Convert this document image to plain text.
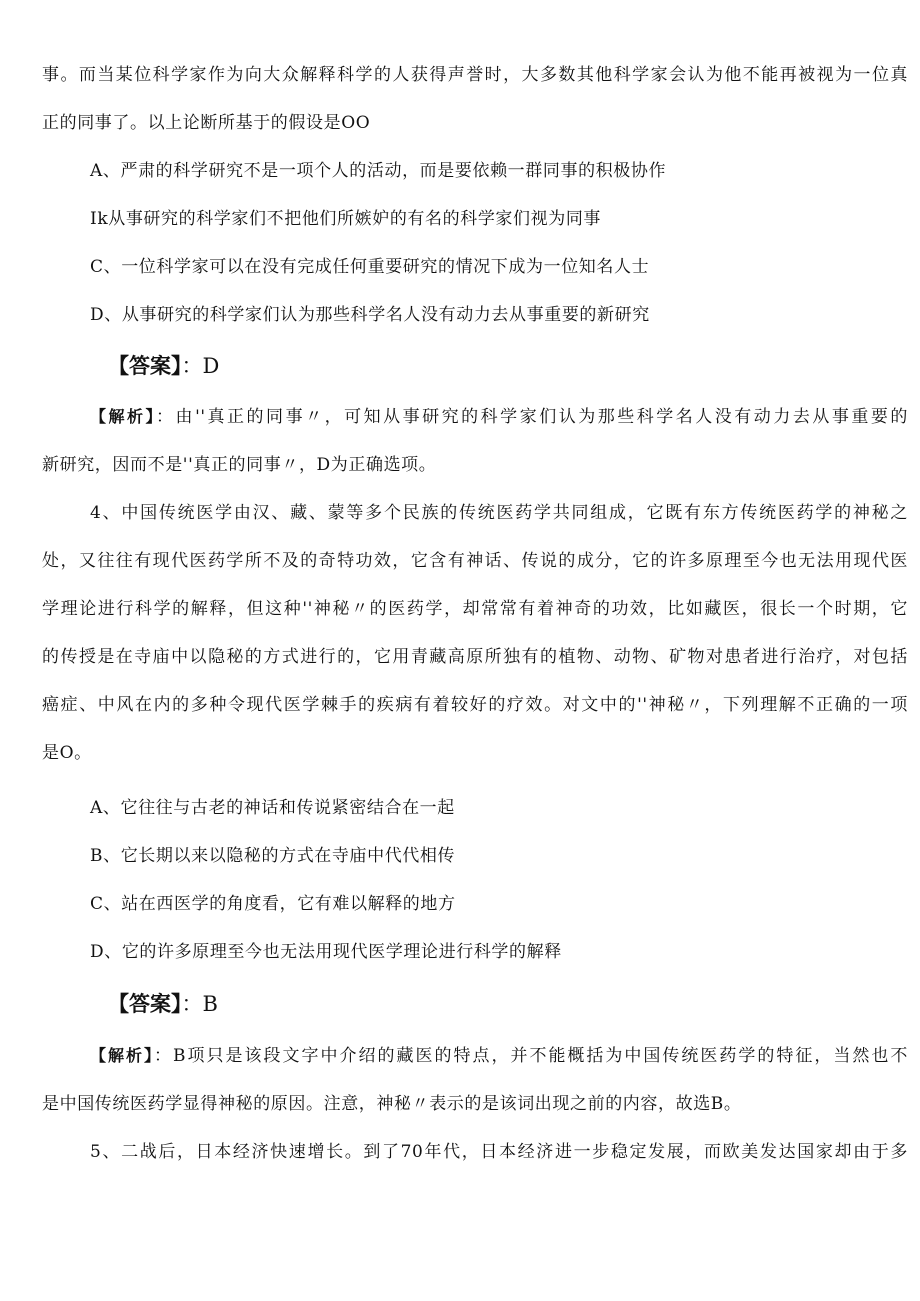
事。而当某位科学家作为向大众解释科学的人获得声誉时，大多数其他科学家会认为他不能再被视为一位真
正的同事了。以上论断所基于的假设是OO
A、严肃的科学研究不是一项个人的活动，而是要依赖一群同事的积极协作
Ik从事研究的科学家们不把他们所嫉妒的有名的科学家们视为同事
C、一位科学家可以在没有完成任何重要研究的情况下成为一位知名人士
D、从事研究的科学家们认为那些科学名人没有动力去从事重要的新研究
【答案】：D
【解析】：由''真正的同事〃，可知从事研究的科学家们认为那些科学名人没有动力去从事重要的
新研究，因而不是''真正的同事〃，D为正确选项。
4、中国传统医学由汉、藏、蒙等多个民族的传统医药学共同组成，它既有东方传统医药学的神秘之
处，又往往有现代医药学所不及的奇特功效，它含有神话、传说的成分，它的许多原理至今也无法用现代医
学理论进行科学的解释，但这种''神秘〃的医药学，却常常有着神奇的功效，比如藏医，很长一个时期，它
的传授是在寺庙中以隐秘的方式进行的，它用青藏高原所独有的植物、动物、矿物对患者进行治疗，对包括
癌症、中风在内的多种令现代医学棘手的疾病有着较好的疗效。对文中的''神秘〃，下列理解不正确的一项
是O。
A、它往往与古老的神话和传说紧密结合在一起
B、它长期以来以隐秘的方式在寺庙中代代相传
C、站在西医学的角度看，它有难以解释的地方
D、它的许多原理至今也无法用现代医学理论进行科学的解释
【答案】：B
【解析】：B项只是该段文字中介绍的藏医的特点，并不能概括为中国传统医药学的特征，当然也不
是中国传统医药学显得神秘的原因。注意，神秘〃表示的是该词出现之前的内容，故选B。
5、二战后，日本经济快速增长。到了70年代，日本经济进一步稳定发展，而欧美发达国家却由于多
